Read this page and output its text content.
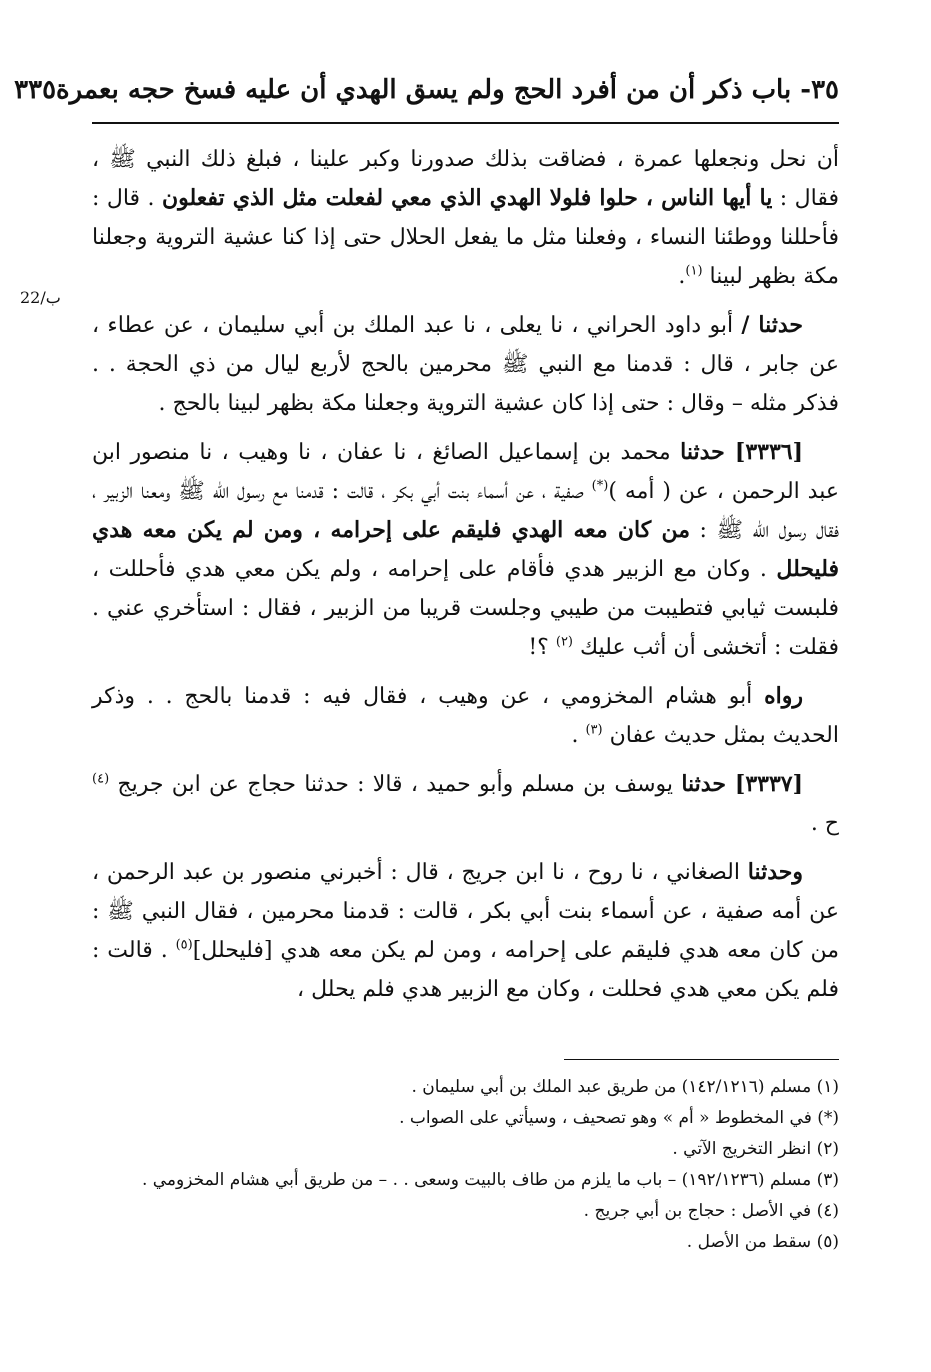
٣٥- باب ذكر أن من أفرد الحج ولم يسق الهدي أن عليه فسخ حجه بعمرة
٣٣٥
22/ب

أن نحل ونجعلها عمرة ، فضاقت بذلك صدورنا وكبر علينا ، فبلغ ذلك النبي ﷺ ، فقال : يا أيها الناس ، حلوا فلولا الهدي الذي معي لفعلت مثل الذي تفعلون . قال : فأحللنا ووطئنا النساء ، وفعلنا مثل ما يفعل الحلال حتى إذا كنا عشية التروية وجعلنا مكة بظهر لبينا $^{(١)}$.

حدثنا / أبو داود الحراني ، نا يعلى ، نا عبد الملك بن أبي سليمان ، عن عطاء ، عن جابر ، قال : قدمنا مع النبي ﷺ محرمين بالحج لأربع ليال من ذي الحجة . . فذكر مثله – وقال : حتى إذا كان عشية التروية وجعلنا مكة بظهر لبينا بالحج .

[٣٣٣٦] حدثنا محمد بن إسماعيل الصائغ ، نا عفان ، نا وهيب ، نا منصور ابن عبد الرحمن ، عن ( أمه )(*) صفية ، عن أسماء بنت أبي بكر ، قالت : قدمنا مع رسول الله ﷺ ومعنا الزبير ، فقال رسول الله ﷺ : من كان معه الهدي فليقم على إحرامه ، ومن لم يكن معه هدي فليحلل . وكان مع الزبير هدي فأقام على إحرامه ، ولم يكن معي هدي فأحللت ، فلبست ثيابي فتطيبت من طيبي وجلست قريبا من الزبير ، فقال : استأخري عني . فقلت : أتخشى أن أثب عليك $^{(٢)}$ ؟!

رواه أبو هشام المخزومي ، عن وهيب ، فقال فيه : قدمنا بالحج . . وذكر الحديث بمثل حديث عفان $^{(٣)}$ .

[٣٣٣٧] حدثنا يوسف بن مسلم وأبو حميد ، قالا : حدثنا حجاج عن ابن جريج $^{(٤)}$ ح .

وحدثنا الصغاني ، نا روح ، نا ابن جريج ، قال : أخبرني منصور بن عبد الرحمن ، عن أمه صفية ، عن أسماء بنت أبي بكر ، قالت : قدمنا محرمين ، فقال النبي ﷺ : من كان معه هدي فليقم على إحرامه ، ومن لم يكن معه هدي [فليحلل]$^{(٥)}$ . قالت : فلم يكن معي هدي فحللت ، وكان مع الزبير هدي فلم يحلل ،

(١) مسلم (١٤٢/١٢١٦) من طريق عبد الملك بن أبي سليمان .

(*) في المخطوط « أم » وهو تصحيف ، وسيأتي على الصواب .

(٢) انظر التخريج الآتي .

(٣) مسلم (١٩٢/١٢٣٦) – باب ما يلزم من طاف بالبيت وسعى . . – من طريق أبي هشام المخزومي .

(٤) في الأصل : حجاج بن أبي جريج .

(٥) سقط من الأصل .
